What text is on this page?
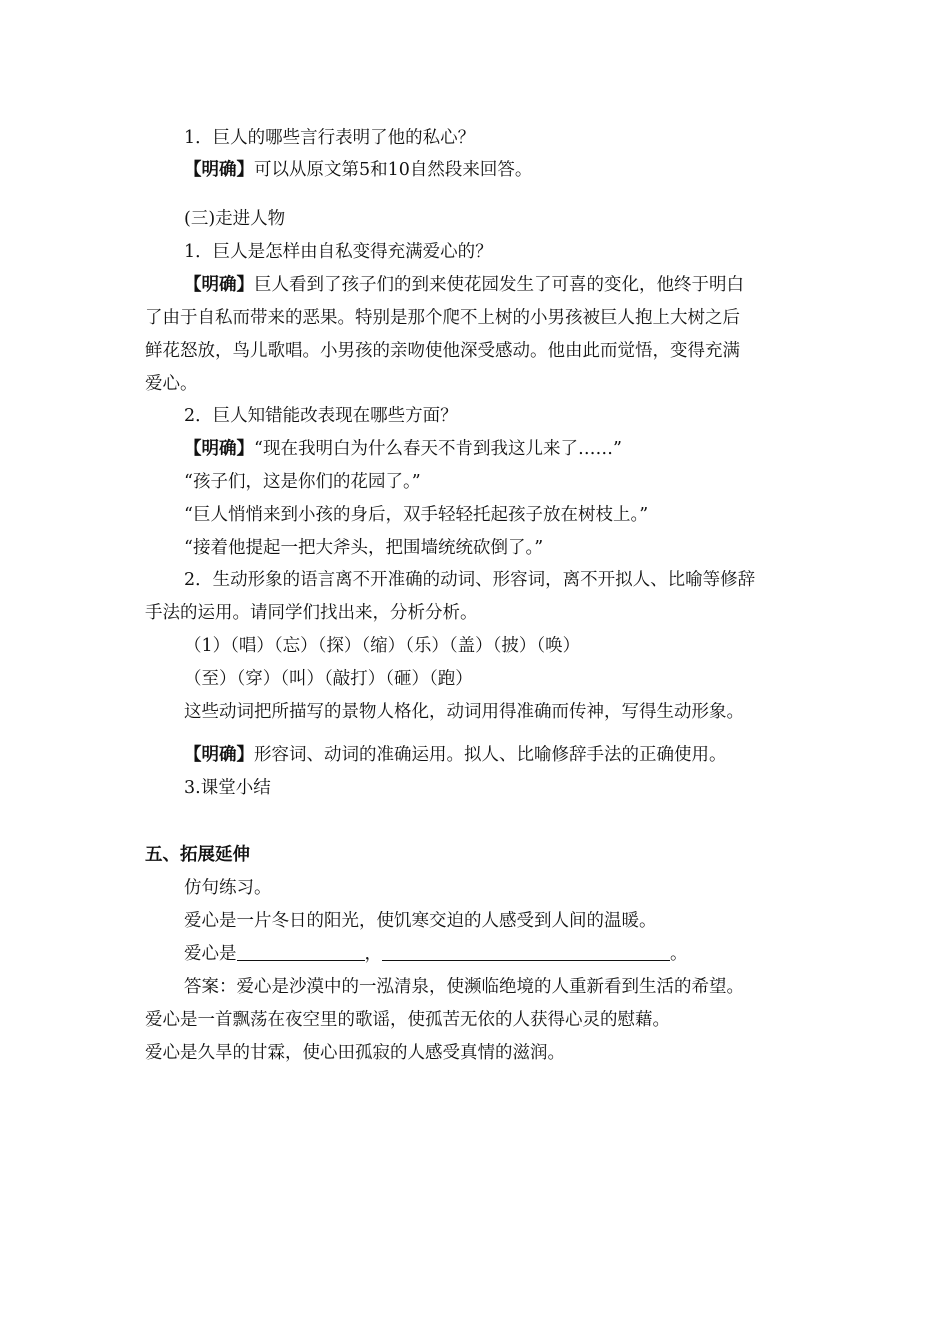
1．巨人的哪些言行表明了他的私心？
【明确】可以从原文第5和10自然段来回答。
(三)走进人物
1．巨人是怎样由自私变得充满爱心的？
【明确】巨人看到了孩子们的到来使花园发生了可喜的变化，他终于明白
了由于自私而带来的恶果。特别是那个爬不上树的小男孩被巨人抱上大树之后
鲜花怒放，鸟儿歌唱。小男孩的亲吻使他深受感动。他由此而觉悟，变得充满
爱心。
2．巨人知错能改表现在哪些方面？
【明确】“现在我明白为什么春天不肯到我这儿来了……”
“孩子们，这是你们的花园了。”
“巨人悄悄来到小孩的身后，双手轻轻托起孩子放在树枝上。”
“接着他提起一把大斧头，把围墙统统砍倒了。”
2．生动形象的语言离不开准确的动词、形容词，离不开拟人、比喻等修辞
手法的运用。请同学们找出来，分析分析。
（1）（唱）（忘）（探）（缩）（乐）（盖）（披）（唤）
（至）（穿）（叫）（敲打）（砸）（跑）
这些动词把所描写的景物人格化，动词用得准确而传神，写得生动形象。
【明确】形容词、动词的准确运用。拟人、比喻修辞手法的正确使用。
3.课堂小结
五、拓展延伸
仿句练习。
爱心是一片冬日的阳光，使饥寒交迫的人感受到人间的温暖。
爱心是	，	。
答案：爱心是沙漠中的一泓清泉，使濒临绝境的人重新看到生活的希望。
爱心是一首飘荡在夜空里的歌谣，使孤苦无依的人获得心灵的慰藉。
爱心是久旱的甘霖，使心田孤寂的人感受真情的滋润。
